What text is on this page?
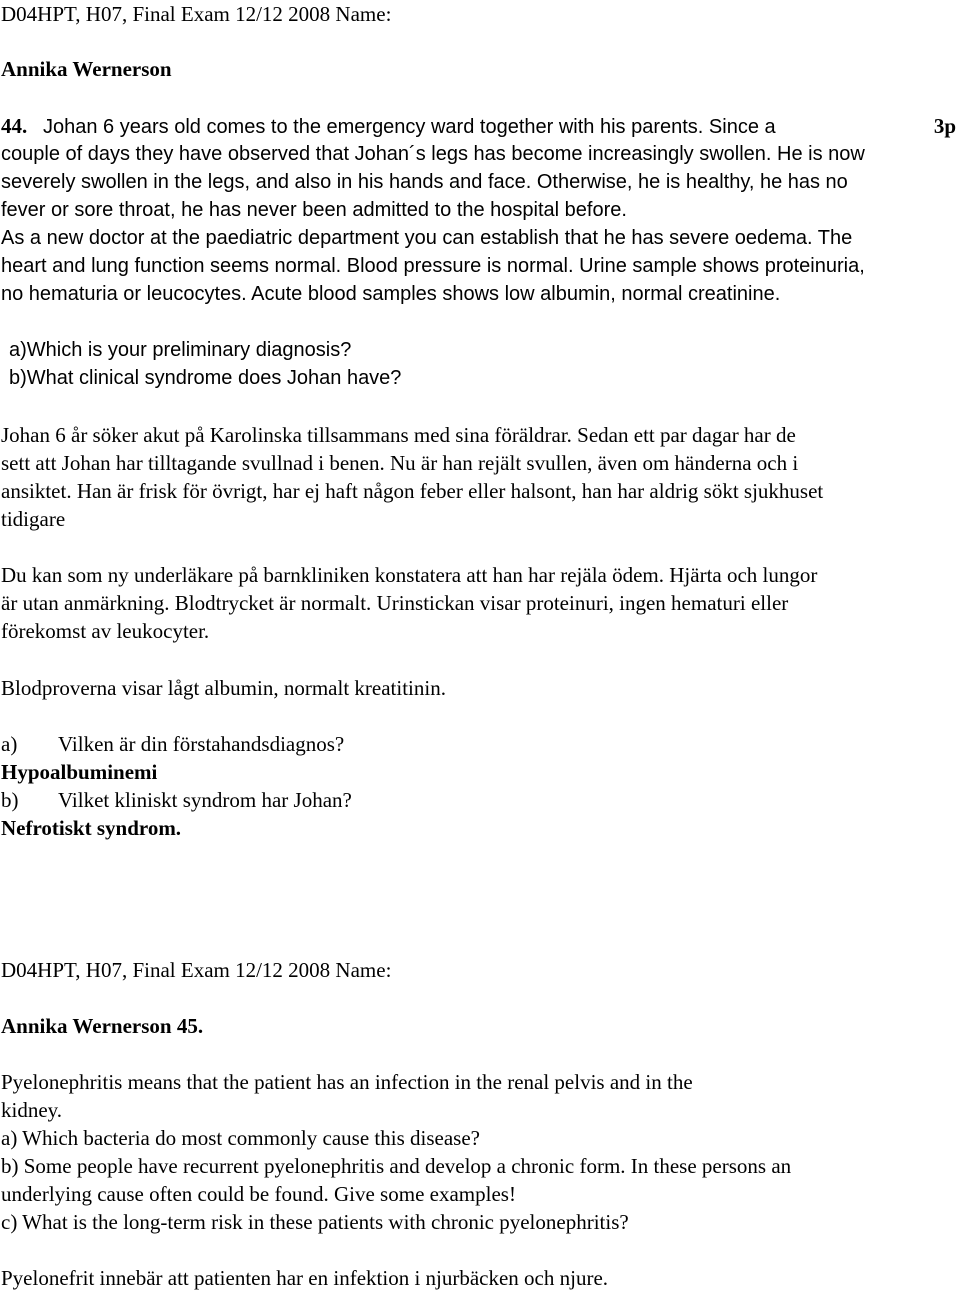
D04HPT, H07, Final Exam 12/12 2008 Name:
Annika Wernerson
44. Johan 6 years old comes to the emergency ward together with his parents. Since a	3p
couple of days they have observed that Johan´s legs has become increasingly swollen. He is now
severely swollen in the legs, and also in his hands and face. Otherwise, he is healthy, he has no
fever or sore throat, he has never been admitted to the hospital before.
As a new doctor at the paediatric department you can establish that he has severe oedema. The
heart and lung function seems normal. Blood pressure is normal. Urine sample shows proteinuria,
no hematuria or leucocytes. Acute blood samples shows low albumin, normal creatinine.
a)Which is your preliminary diagnosis?
b)What clinical syndrome does Johan have?
Johan 6 år söker akut på Karolinska tillsammans med sina föräldrar. Sedan ett par dagar har de
sett att Johan har tilltagande svullnad i benen. Nu är han rejält svullen, även om händerna och i
ansiktet. Han är frisk för övrigt, har ej haft någon feber eller halsont, han har aldrig sökt sjukhuset
tidigare
Du kan som ny underläkare på barnkliniken konstatera att han har rejäla ödem. Hjärta och lungor
är utan anmärkning. Blodtrycket är normalt. Urinstickan visar proteinuri, ingen hematuri eller
förekomst av leukocyter.
Blodproverna visar lågt albumin, normalt kreatitinin.
a) Vilken är din förstahandsdiagnos?
Hypoalbuminemi
b) Vilket kliniskt syndrom har Johan?
Nefrotiskt syndrom.
D04HPT, H07, Final Exam 12/12 2008 Name:
Annika Wernerson 45.
Pyelonephritis means that the patient has an infection in the renal pelvis and in the
kidney.
a) Which bacteria do most commonly cause this disease?
b) Some people have recurrent pyelonephritis and develop a chronic form. In these persons an
underlying cause often could be found. Give some examples!
c) What is the long-term risk in these patients with chronic pyelonephritis?
Pyelonefrit innebär att patienten har en infektion i njurbäcken och njure.
